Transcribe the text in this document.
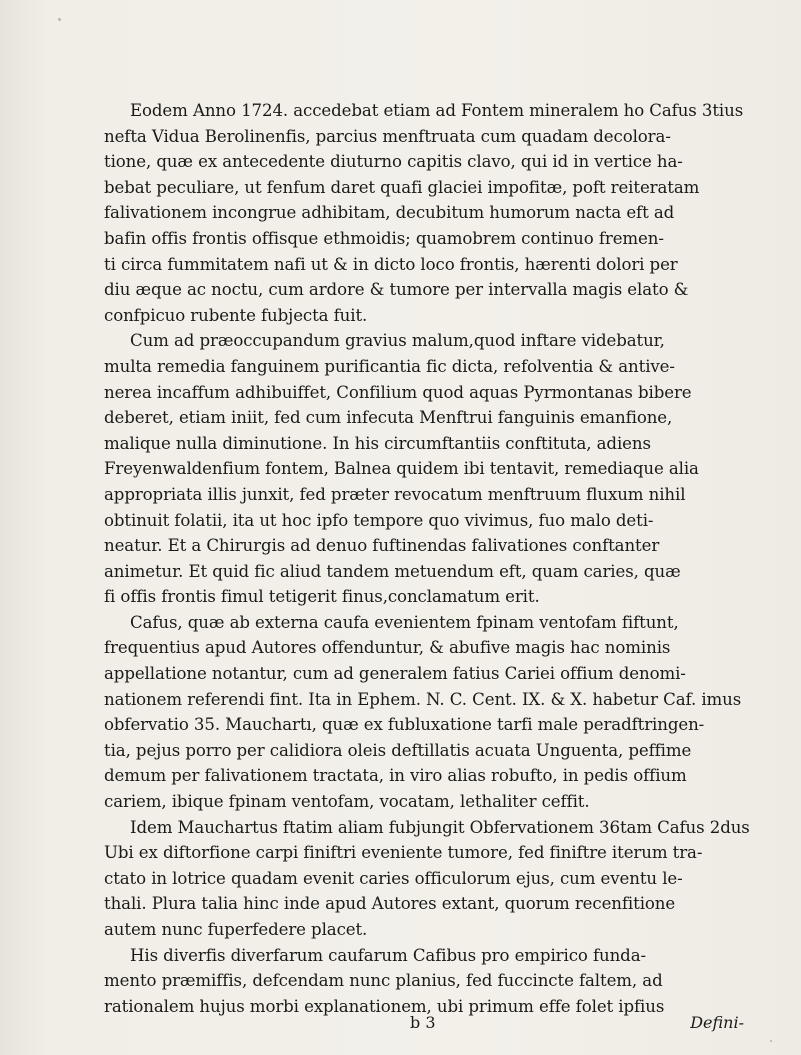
Eodem Anno 1724. accedebat etiam ad Fontem mineralem ho Cafus 3tius
nefta Vidua Berolinenfis, parcius menftruata cum quadam decolora-
tione, quæ ex antecedente diuturno capitis clavo, qui id in vertice ha-
bebat peculiare, ut fenfum daret quafi glaciei impofitæ, poft reiteratam
falivationem incongrue adhibitam, decubitum humorum nacta eft ad
bafin offis frontis offisque ethmoidis; quamobrem continuo fremen-
ti circa fummitatem nafi ut & in dicto loco frontis, hærenti dolori per
diu æque ac noctu, cum ardore & tumore per intervalla magis elato &
confpicuo rubente fubjecta fuit.
Cum ad præoccupandum gravius malum,quod inftare videbatur,
multa remedia fanguinem purificantia fic dicta, refolventia & antive-
nerea incaffum adhibuiffet, Confilium quod aquas Pyrmontanas bibere
deberet, etiam iniit, fed cum infecuta Menftrui fanguinis emanfione,
malique nulla diminutione. In his circumftantiis conftituta, adiens
Freyenwaldenfium fontem, Balnea quidem ibi tentavit, remediaque alia
appropriata illis junxit, fed præter revocatum menftruum fluxum nihil
obtinuit folatii, ita ut hoc ipfo tempore quo vivimus, fuo malo deti-
neatur. Et a Chirurgis ad denuo fuftinendas falivationes conftanter
animetur. Et quid fic aliud tandem metuendum eft, quam caries, quæ
fi offis frontis fimul tetigerit finus,conclamatum erit.
Cafus, quæ ab externa caufa evenientem fpinam ventofam fiftunt,
frequentius apud Autores offenduntur, & abufive magis hac nominis
appellatione notantur, cum ad generalem fatius Cariei offium denomi-
nationem referendi fint. Ita in Ephem. N. C. Cent. IX. & X. habetur Caf. imus
obfervatio 35. Mauchartı, quæ ex fubluxatione tarfi male peradftringen-
tia, pejus porro per calidiora oleis deftillatis acuata Unguenta, peffime
demum per falivationem tractata, in viro alias robufto, in pedis offium
cariem, ibique fpinam ventofam, vocatam, lethaliter ceffit.
Idem Mauchartus ftatim aliam fubjungit Obfervationem 36tam Cafus 2dus
Ubi ex diftorfione carpi finiftri eveniente tumore, fed finiftre iterum tra-
ctato in lotrice quadam evenit caries officulorum ejus, cum eventu le-
thali. Plura talia hinc inde apud Autores extant, quorum recenfitione
autem nunc fuperfedere placet.
His diverfis diverfarum caufarum Cafibus pro empirico funda-
mento præmiffis, defcendam nunc planius, fed fuccincte faltem, ad
rationalem hujus morbi explanationem, ubi primum effe folet ipfius
b 3	Defini-
